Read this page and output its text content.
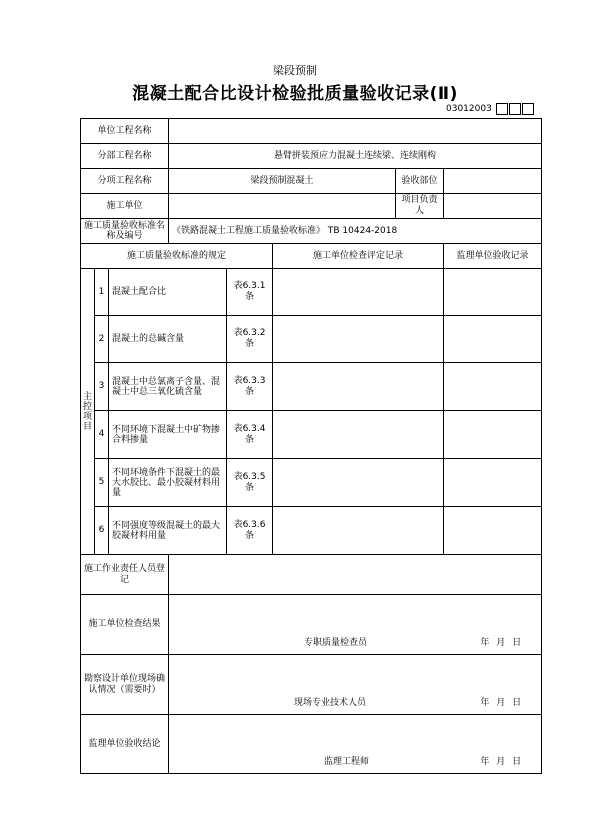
梁段预制
混凝土配合比设计检验批质量验收记录(Ⅱ)
03012003
单位工程名称							
分部工程名称			悬臂拼装预应力混凝土连续梁、连续刚构				
分项工程名称			梁段预制混凝土			验收部位	
施工单位						项目负责人	
施工质量验收标准名称及编号			《铁路混凝土工程施工质量验收标准》 TB 10424-2018				
施工质量验收标准的规定					施工单位检查评定记录		监理单位验收记录
主控项目	1	混凝土配合比		表6.3.1条			
	2	混凝土的总碱含量		表6.3.2条			
	3	混凝土中总氯离子含量、混凝土中总三氧化硫含量		表6.3.3条			
	4	不同环境下混凝土中矿物掺合料掺量		表6.3.4条			
	5	不同环境条件下混凝土的最大水胶比、最小胶凝材料用量		表6.3.5条			
	6	不同强度等级混凝土的最大胶凝材料用量		表6.3.6条			
施工作业责任人员登记							
施工单位检查结果			专职质量检查员 年 月 日				

勘察设计单位现场确认情况（需要时）			现场专业技术人员 年 月 日				

监理单位验收结论			监理工程师 年 月 日				
